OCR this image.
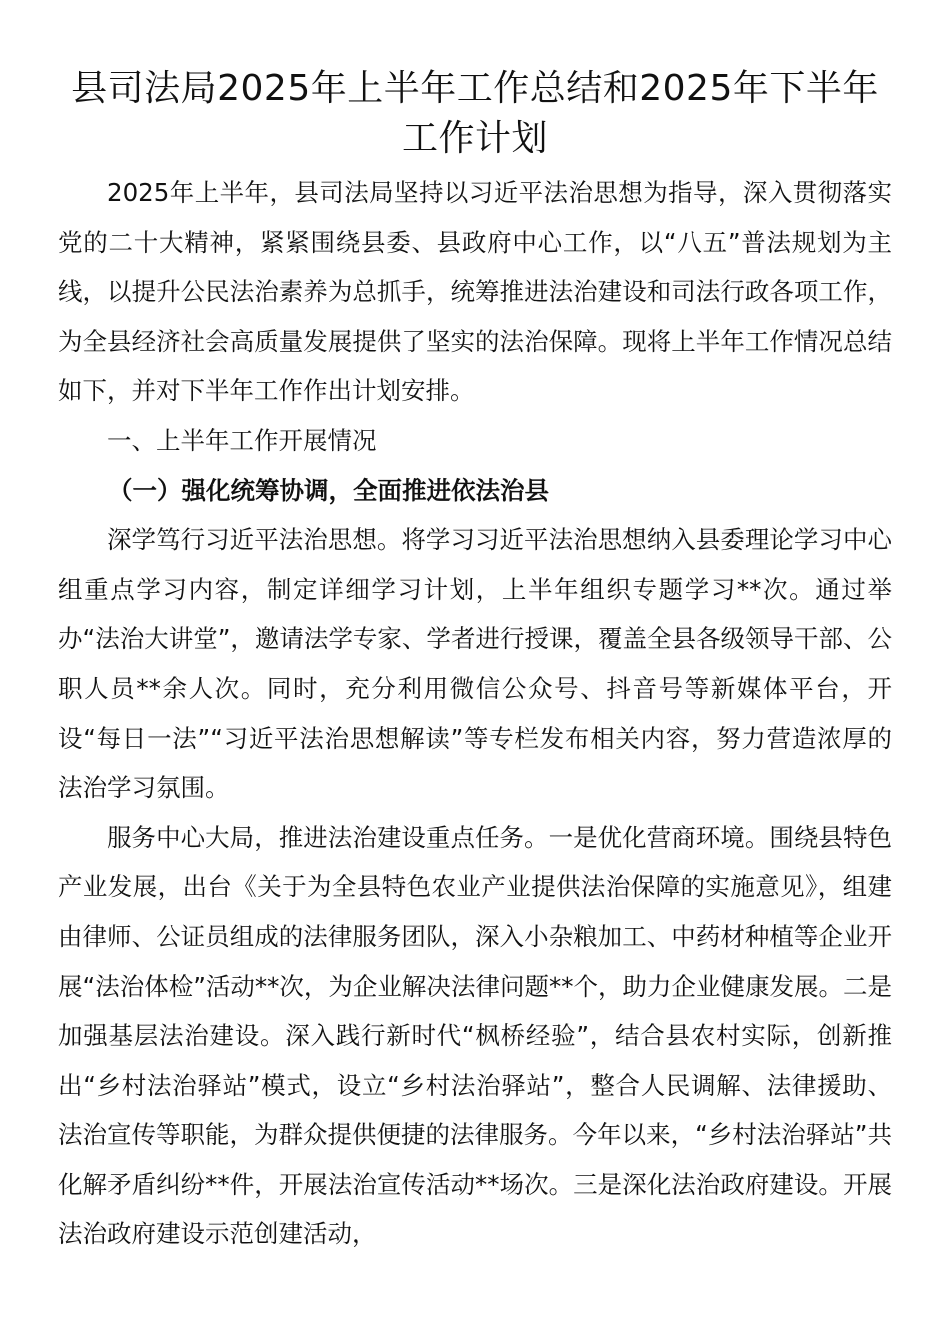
县司法局2025年上半年工作总结和2025年下半年工作计划

2025年上半年，县司法局坚持以习近平法治思想为指导，深入贯彻落实党的二十大精神，紧紧围绕县委、县政府中心工作，以“八五”普法规划为主线，以提升公民法治素养为总抓手，统筹推进法治建设和司法行政各项工作，为全县经济社会高质量发展提供了坚实的法治保障。现将上半年工作情况总结如下，并对下半年工作作出计划安排。

一、上半年工作开展情况

（一）强化统筹协调，全面推进依法治县

深学笃行习近平法治思想。将学习习近平法治思想纳入县委理论学习中心组重点学习内容，制定详细学习计划，上半年组织专题学习**次。通过举办“法治大讲堂”，邀请法学专家、学者进行授课，覆盖全县各级领导干部、公职人员**余人次。同时，充分利用微信公众号、抖音号等新媒体平台，开设“每日一法”“习近平法治思想解读”等专栏发布相关内容，努力营造浓厚的法治学习氛围。

服务中心大局，推进法治建设重点任务。一是优化营商环境。围绕县特色产业发展，出台《关于为全县特色农业产业提供法治保障的实施意见》，组建由律师、公证员组成的法律服务团队，深入小杂粮加工、中药材种植等企业开展“法治体检”活动**次，为企业解决法律问题**个，助力企业健康发展。二是加强基层法治建设。深入践行新时代“枫桥经验”，结合县农村实际，创新推出“乡村法治驿站”模式，设立“乡村法治驿站”，整合人民调解、法律援助、法治宣传等职能，为群众提供便捷的法律服务。今年以来，“乡村法治驿站”共化解矛盾纠纷**件，开展法治宣传活动**场次。三是深化法治政府建设。开展法治政府建设示范创建活动，
